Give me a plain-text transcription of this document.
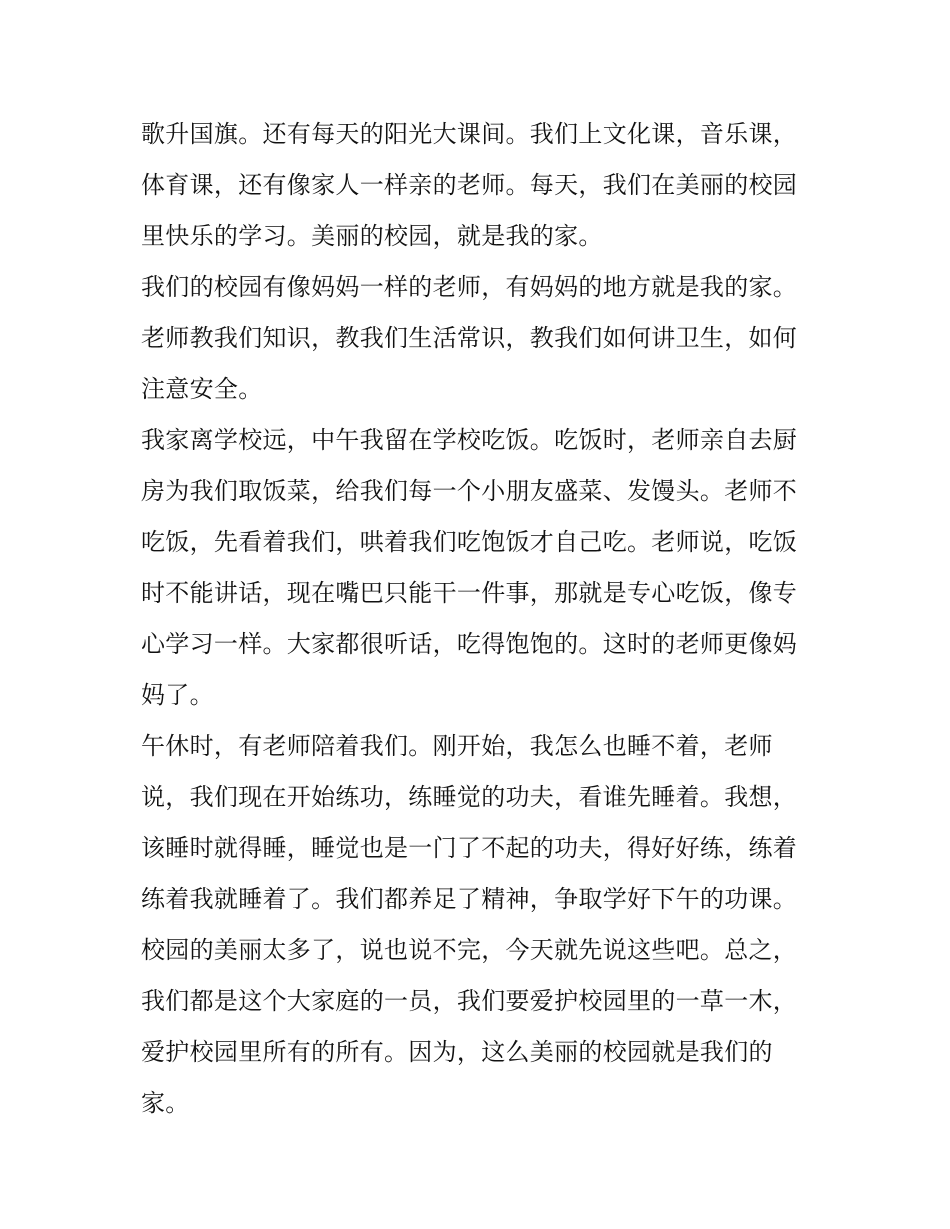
歌升国旗。还有每天的阳光大课间。我们上文化课，音乐课，
体育课，还有像家人一样亲的老师。每天，我们在美丽的校园
里快乐的学习。美丽的校园，就是我的家。
我们的校园有像妈妈一样的老师，有妈妈的地方就是我的家。
老师教我们知识，教我们生活常识，教我们如何讲卫生，如何
注意安全。
我家离学校远，中午我留在学校吃饭。吃饭时，老师亲自去厨
房为我们取饭菜，给我们每一个小朋友盛菜、发馒头。老师不
吃饭，先看着我们，哄着我们吃饱饭才自己吃。老师说，吃饭
时不能讲话，现在嘴巴只能干一件事，那就是专心吃饭，像专
心学习一样。大家都很听话，吃得饱饱的。这时的老师更像妈
妈了。
午休时，有老师陪着我们。刚开始，我怎么也睡不着，老师
说，我们现在开始练功，练睡觉的功夫，看谁先睡着。我想，
该睡时就得睡，睡觉也是一门了不起的功夫，得好好练，练着
练着我就睡着了。我们都养足了精神，争取学好下午的功课。
校园的美丽太多了，说也说不完，今天就先说这些吧。总之，
我们都是这个大家庭的一员，我们要爱护校园里的一草一木，
爱护校园里所有的所有。因为，这么美丽的校园就是我们的
家。
